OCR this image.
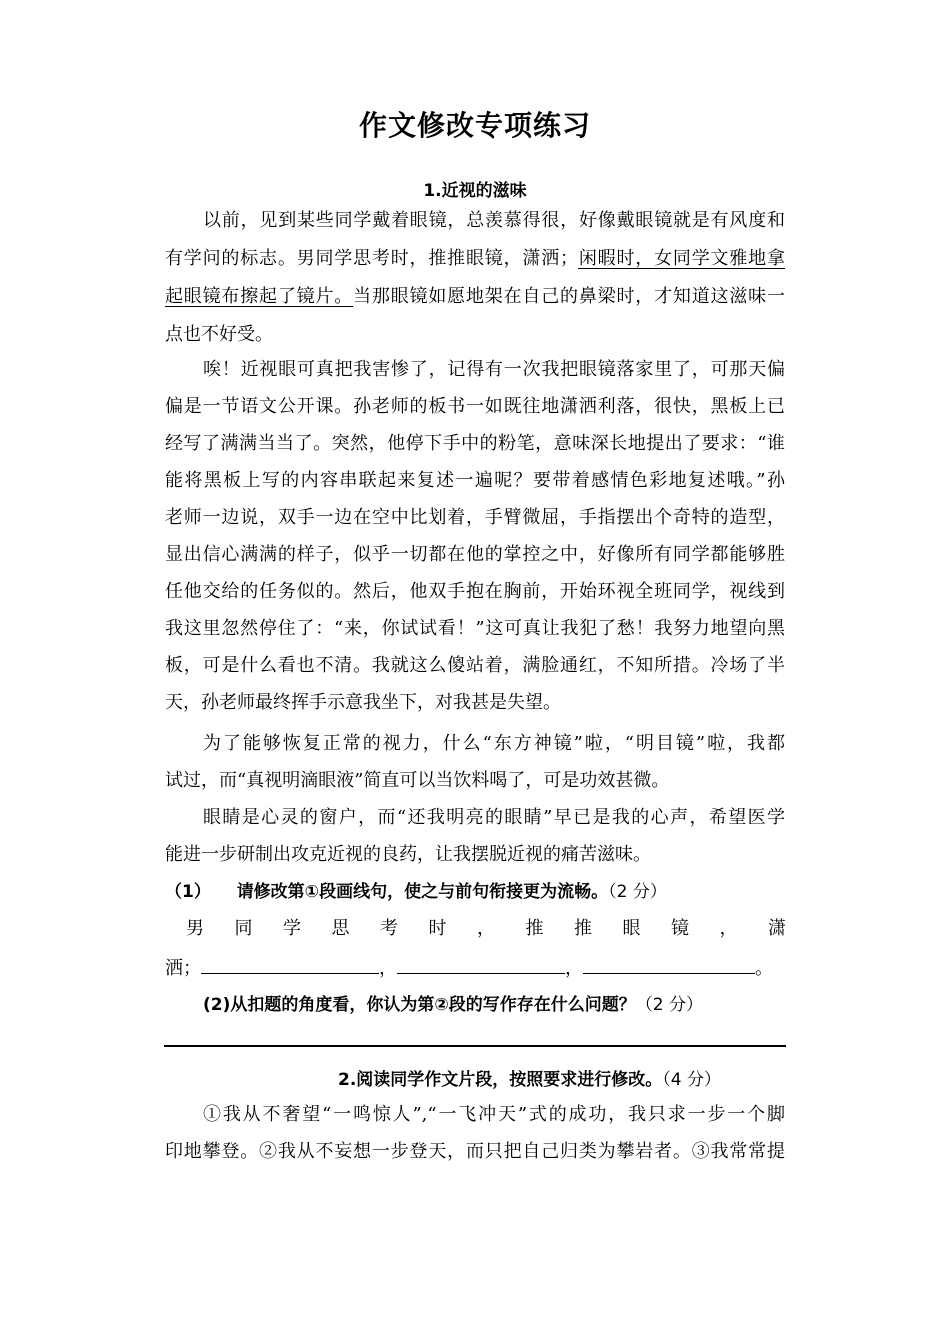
作文修改专项练习
1.近视的滋味
以前，见到某些同学戴着眼镜，总羡慕得很，好像戴眼镜就是有风度和
有学问的标志。男同学思考时，推推眼镜，潇洒；闲暇时，女同学文雅地拿
起眼镜布擦起了镜片。当那眼镜如愿地架在自己的鼻梁时，才知道这滋味一
点也不好受。
唉！近视眼可真把我害惨了，记得有一次我把眼镜落家里了，可那天偏
偏是一节语文公开课。孙老师的板书一如既往地潇洒利落，很快，黑板上已
经写了满满当当了。突然，他停下手中的粉笔，意味深长地提出了要求：“谁
能将黑板上写的内容串联起来复述一遍呢？要带着感情色彩地复述哦。”孙
老师一边说，双手一边在空中比划着，手臂微屈，手指摆出个奇特的造型，
显出信心满满的样子，似乎一切都在他的掌控之中，好像所有同学都能够胜
任他交给的任务似的。然后，他双手抱在胸前，开始环视全班同学，视线到
我这里忽然停住了：“来，你试试看！”这可真让我犯了愁！我努力地望向黑
板，可是什么看也不清。我就这么傻站着，满脸通红，不知所措。冷场了半
天，孙老师最终挥手示意我坐下，对我甚是失望。
为了能够恢复正常的视力，什么“东方神镜”啦，“明目镜”啦，我都
试过，而“真视明滴眼液”简直可以当饮料喝了，可是功效甚微。
眼睛是心灵的窗户，而“还我明亮的眼睛”早已是我的心声，希望医学
能进一步研制出攻克近视的良药，让我摆脱近视的痛苦滋味。
（1） 请修改第①段画线句，使之与前句衔接更为流畅。（2 分）
男 同 学 思 考 时 ， 推 推 眼 镜 ， 潇
洒；	，	，	。
(2)从扣题的角度看，你认为第②段的写作存在什么问题？（2 分）
2.阅读同学作文片段，按照要求进行修改。（4 分）
①我从不奢望“一鸣惊人”,“一飞冲天”式的成功，我只求一步一个脚
印地攀登。②我从不妄想一步登天，而只把自己归类为攀岩者。③我常常提
